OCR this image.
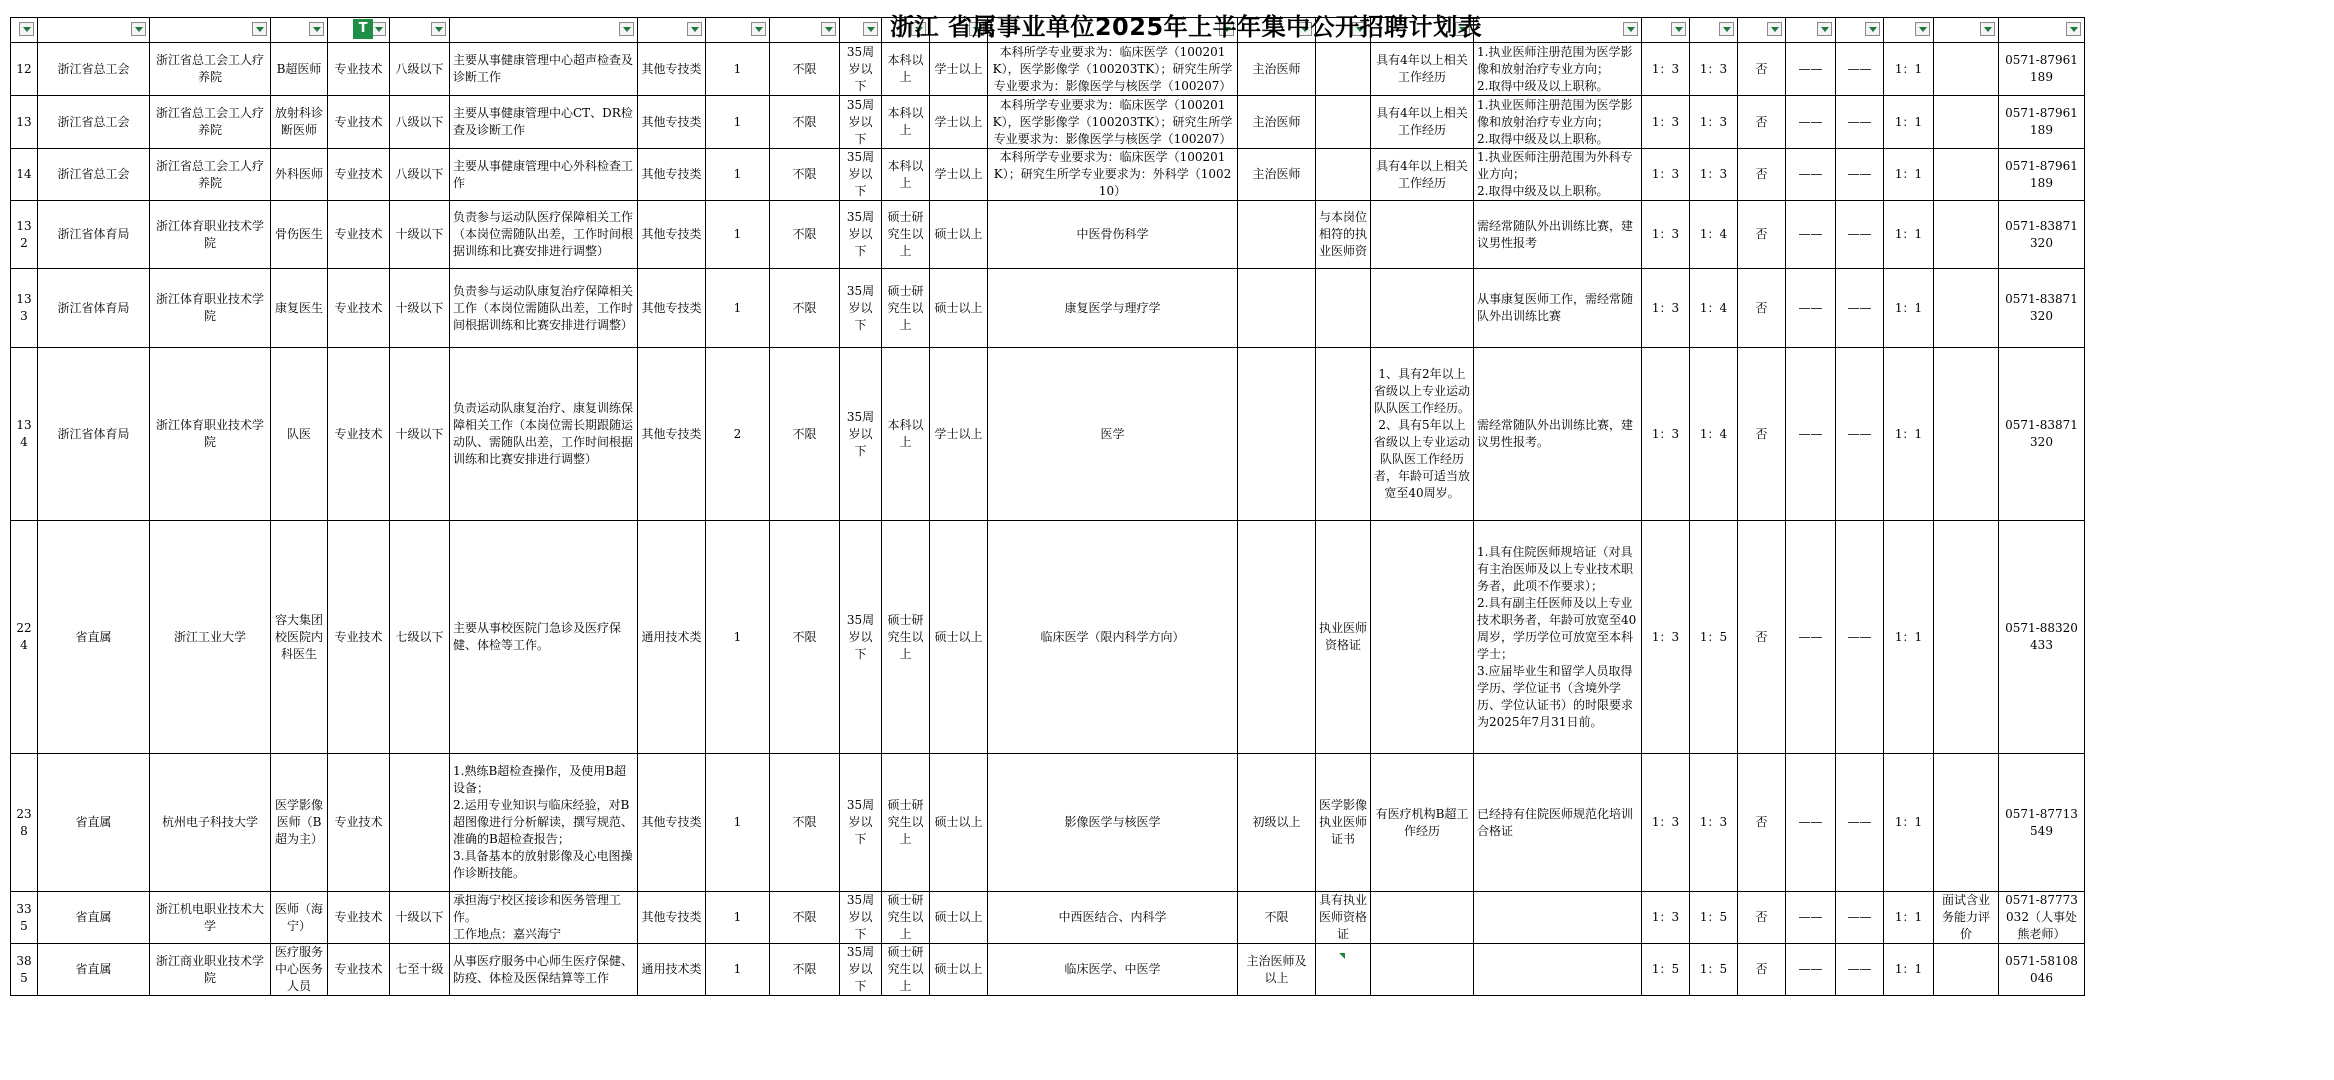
12	浙江省总工会	浙江省总工会工人疗养院	B超医师	专业技术	八级以下	主要从事健康管理中心超声检查及诊断工作	其他专技类	1	不限	35周岁以下	本科以上	学士以上	本科所学专业要求为：临床医学（100201K），医学影像学（100203TK）；研究生所学专业要求为：影像医学与核医学（100207）	主治医师		具有4年以上相关工作经历	1.执业医师注册范围为医学影像和放射治疗专业方向；
2.取得中级及以上职称。	1：3	1：3	否	——	——	1：1		0571-87961189
13	浙江省总工会	浙江省总工会工人疗养院	放射科诊断医师	专业技术	八级以下	主要从事健康管理中心CT、DR检查及诊断工作	其他专技类	1	不限	35周岁以下	本科以上	学士以上	本科所学专业要求为：临床医学（100201K），医学影像学（100203TK）；研究生所学专业要求为：影像医学与核医学（100207）	主治医师		具有4年以上相关工作经历	1.执业医师注册范围为医学影像和放射治疗专业方向；
2.取得中级及以上职称。	1：3	1：3	否	——	——	1：1		0571-87961189
14	浙江省总工会	浙江省总工会工人疗养院	外科医师	专业技术	八级以下	主要从事健康管理中心外科检查工作	其他专技类	1	不限	35周岁以下	本科以上	学士以上	本科所学专业要求为：临床医学（100201K）；研究生所学专业要求为：外科学（100210）	主治医师		具有4年以上相关工作经历	1.执业医师注册范围为外科专业方向；
2.取得中级及以上职称。	1：3	1：3	否	——	——	1：1		0571-87961189
132	浙江省体育局	浙江体育职业技术学院	骨伤医生	专业技术	十级以下	负责参与运动队医疗保障相关工作（本岗位需随队出差，工作时间根据训练和比赛安排进行调整）	其他专技类	1	不限	35周岁以下	硕士研究生以上	硕士以上	中医骨伤科学		与本岗位相符的执业医师资		需经常随队外出训练比赛，建议男性报考	1：3	1：4	否	——	——	1：1		0571-83871320
133	浙江省体育局	浙江体育职业技术学院	康复医生	专业技术	十级以下	负责参与运动队康复治疗保障相关工作（本岗位需随队出差，工作时间根据训练和比赛安排进行调整）	其他专技类	1	不限	35周岁以下	硕士研究生以上	硕士以上	康复医学与理疗学				从事康复医师工作，需经常随队外出训练比赛	1：3	1：4	否	——	——	1：1		0571-83871320
134	浙江省体育局	浙江体育职业技术学院	队医	专业技术	十级以下	负责运动队康复治疗、康复训练保障相关工作（本岗位需长期跟随运动队、需随队出差，工作时间根据训练和比赛安排进行调整）	其他专技类	2	不限	35周岁以下	本科以上	学士以上	医学			1、具有2年以上省级以上专业运动队队医工作经历。2、具有5年以上省级以上专业运动队队医工作经历者，年龄可适当放宽至40周岁。	需经常随队外出训练比赛，建议男性报考。	1：3	1：4	否	——	——	1：1		0571-83871320
224	省直属	浙江工业大学	容大集团校医院内科医生	专业技术	七级以下	主要从事校医院门急诊及医疗保健、体检等工作。	通用技术类	1	不限	35周岁以下	硕士研究生以上	硕士以上	临床医学（限内科学方向）		执业医师资格证		1.具有住院医师规培证（对具有主治医师及以上专业技术职务者，此项不作要求）；
2.具有副主任医师及以上专业技术职务者，年龄可放宽至40周岁，学历学位可放宽至本科学士；
3.应届毕业生和留学人员取得学历、学位证书（含境外学历、学位认证书）的时限要求为2025年7月31日前。	1：3	1：5	否	——	——	1：1		0571-88320433
238	省直属	杭州电子科技大学	医学影像医师（B超为主）	专业技术		1.熟练B超检查操作，及使用B超设备；
2.运用专业知识与临床经验，对B超图像进行分析解读，撰写规范、准确的B超检查报告；
3.具备基本的放射影像及心电图操作诊断技能。	其他专技类	1	不限	35周岁以下	硕士研究生以上	硕士以上	影像医学与核医学	初级以上	医学影像执业医师证书	有医疗机构B超工作经历	已经持有住院医师规范化培训合格证	1：3	1：3	否	——	——	1：1		0571-87713549
335	省直属	浙江机电职业技术大学	医师（海宁）	专业技术	十级以下	承担海宁校区接诊和医务管理工作。
工作地点：嘉兴海宁	其他专技类	1	不限	35周岁以下	硕士研究生以上	硕士以上	中西医结合、内科学	不限	具有执业医师资格证			1：3	1：5	否	——	——	1：1	面试含业务能力评价	0571-87773032（人事处熊老师）
385	省直属	浙江商业职业技术学院	医疗服务中心医务人员	专业技术	七至十级	从事医疗服务中心师生医疗保健、防疫、体检及医保结算等工作	通用技术类	1	不限	35周岁以下	硕士研究生以上	硕士以上	临床医学、中医学	主治医师及以上				1：5	1：5	否	——	——	1：1		0571-58108046
T	浙江 省属事业单位2025年上半年集中公开招聘计划表
